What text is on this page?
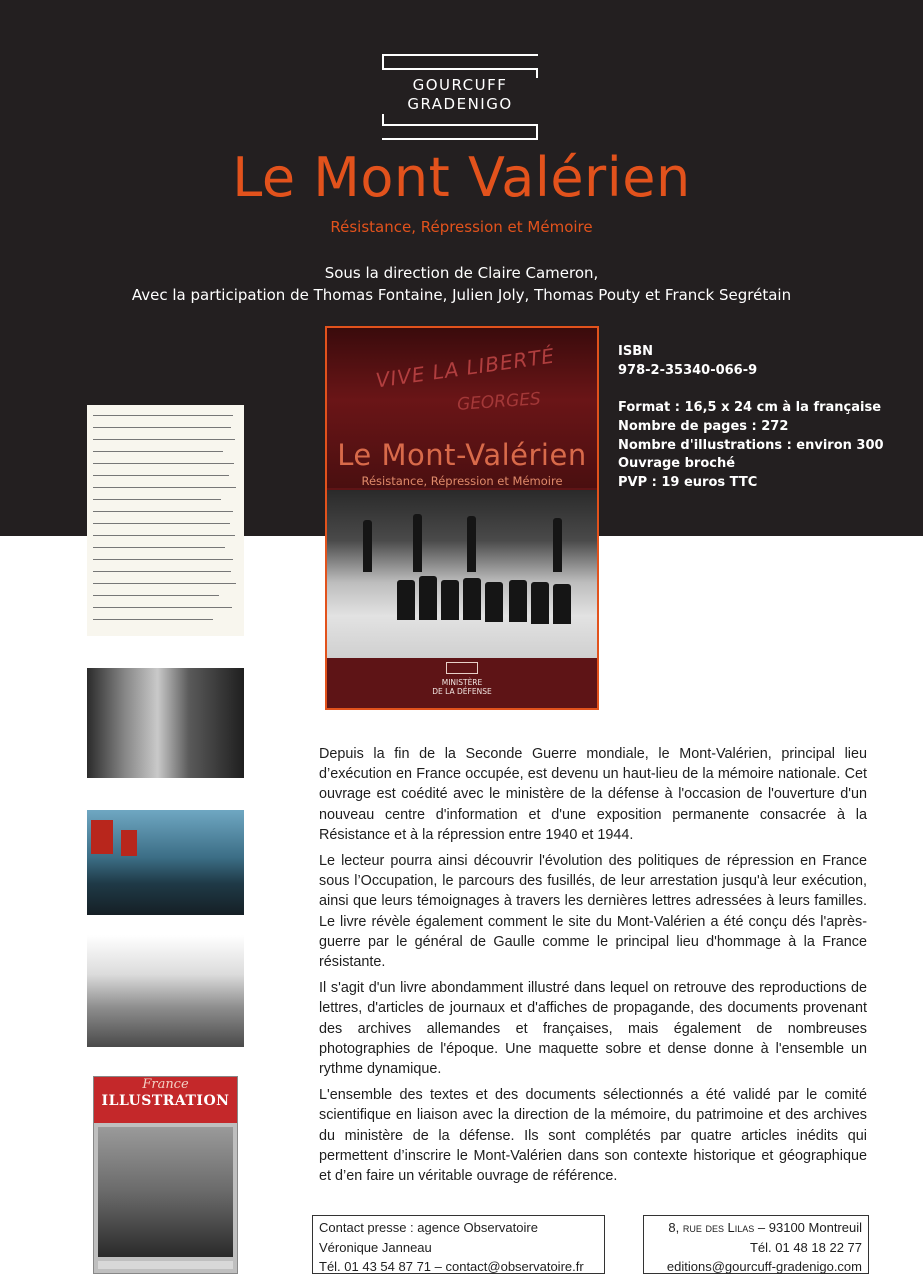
GOURCUFF
GRADENIGO
Le Mont Valérien
Résistance, Répression et Mémoire
Sous la direction de Claire Cameron,
Avec la participation de Thomas Fontaine, Julien Joly, Thomas Pouty et Franck Segrétain
VIVE LA LIBERTÉ
GEORGES
Le Mont-Valérien
Résistance, Répression et Mémoire
MINISTÈRE
DE LA DÉFENSE
ISBN
978-2-35340-066-9
Format : 16,5 x 24 cm à la française
Nombre de pages : 272
Nombre d'illustrations : environ 300
Ouvrage broché
PVP : 19 euros TTC
France
ILLUSTRATION

Depuis la fin de la Seconde Guerre mondiale, le Mont-Valérien, principal lieu d’exécution en France occupée, est devenu un haut-lieu de la mémoire nationale. Cet ouvrage est coédité avec le ministère de la défense à l'occasion de l'ouverture d'un nouveau centre d'information et d'une exposition permanente consacrée à la Résistance et à la répression entre 1940 et 1944.

Le lecteur pourra ainsi découvrir l'évolution des politiques de répression en France sous l’Occupation, le parcours des fusillés, de leur arrestation jusqu'à leur exécution, ainsi que leurs témoignages à travers les dernières lettres adressées à leurs familles. Le livre révèle également comment le site du Mont-Valérien a été conçu dés l'après-guerre par le général de Gaulle comme le principal lieu d'hommage à la France résistante.

Il s'agit d'un livre abondamment illustré dans lequel on retrouve des reproductions de lettres, d'articles de journaux et d'affiches de propagande, des documents provenant des archives allemandes et françaises, mais également de nombreuses photographies de l'époque. Une maquette sobre et dense donne à l'ensemble un rythme dynamique.

L'ensemble des textes et des documents sélectionnés a été validé par le comité scientifique en liaison avec la direction de la mémoire, du patrimoine et des archives du ministère de la défense. Ils sont complétés par quatre articles inédits qui permettent d’inscrire le Mont-Valérien dans son contexte historique et géographique et d’en faire un véritable ouvrage de référence.

Contact presse : agence Observatoire
Véronique Janneau
Tél. 01 43 54 87 71 – contact@observatoire.fr
8, rue des Lilas – 93100 Montreuil
Tél. 01 48 18 22 77
editions@gourcuff-gradenigo.com
